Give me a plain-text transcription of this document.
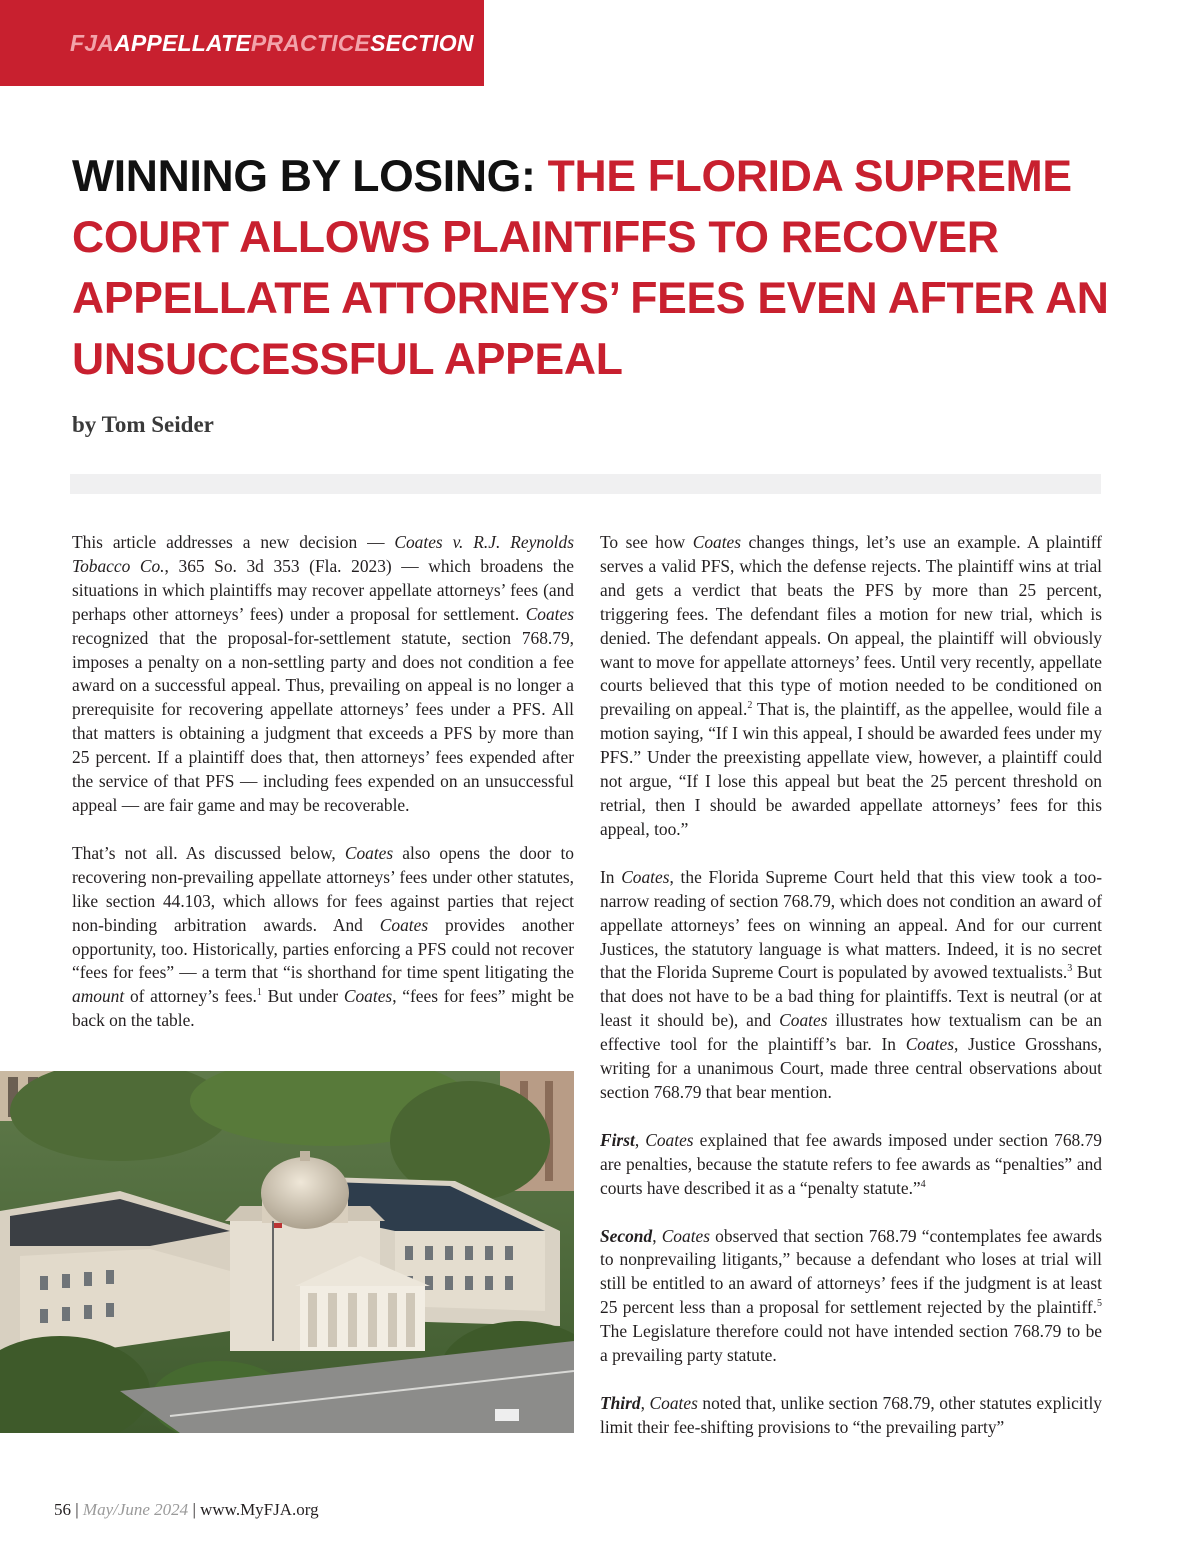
FJAAPPELLATEPRACTICESECTION
WINNING BY LOSING: THE FLORIDA SUPREME COURT ALLOWS PLAINTIFFS TO RECOVER APPELLATE ATTORNEYS’ FEES EVEN AFTER AN UNSUCCESSFUL APPEAL
by Tom Seider

This article addresses a new decision — Coates v. R.J. Reynolds Tobacco Co., 365 So. 3d 353 (Fla. 2023) — which broadens the situations in which plaintiffs may recover appellate attorneys’ fees (and perhaps other attorneys’ fees) under a proposal for settlement. Coates recognized that the proposal-for-settlement statute, section 768.79, imposes a penalty on a non-settling party and does not condition a fee award on a successful appeal. Thus, prevailing on appeal is no longer a prerequisite for recovering appellate attorneys’ fees under a PFS. All that matters is obtaining a judgment that exceeds a PFS by more than 25 percent. If a plaintiff does that, then attorneys’ fees expended after the service of that PFS — including fees expended on an unsuccessful appeal — are fair game and may be recoverable.

That’s not all. As discussed below, Coates also opens the door to recovering non-prevailing appellate attorneys’ fees under other statutes, like section 44.103, which allows for fees against parties that reject non-binding arbitration awards. And Coates provides another opportunity, too. Historically, parties enforcing a PFS could not recover “fees for fees” — a term that “is shorthand for time spent litigating the amount of attorney’s fees.$^1$ But under Coates, “fees for fees” might be back on the table.

To see how Coates changes things, let’s use an example. A plaintiff serves a valid PFS, which the defense rejects. The plaintiff wins at trial and gets a verdict that beats the PFS by more than 25 percent, triggering fees. The defendant files a motion for new trial, which is denied. The defendant appeals. On appeal, the plaintiff will obviously want to move for appellate attorneys’ fees. Until very recently, appellate courts believed that this type of motion needed to be conditioned on prevailing on appeal.$^2$ That is, the plaintiff, as the appellee, would file a motion saying, “If I win this appeal, I should be awarded fees under my PFS.” Under the preexisting appellate view, however, a plaintiff could not argue, “If I lose this appeal but beat the 25 percent threshold on retrial, then I should be awarded appellate attorneys’ fees for this appeal, too.”

In Coates, the Florida Supreme Court held that this view took a too-narrow reading of section 768.79, which does not condition an award of appellate attorneys’ fees on winning an appeal. And for our current Justices, the statutory language is what matters. Indeed, it is no secret that the Florida Supreme Court is populated by avowed textualists.$^3$ But that does not have to be a bad thing for plaintiffs. Text is neutral (or at least it should be), and Coates illustrates how textualism can be an effective tool for the plaintiff’s bar. In Coates, Justice Grosshans, writing for a unanimous Court, made three central observations about section 768.79 that bear mention.

First, Coates explained that fee awards imposed under section 768.79 are penalties, because the statute refers to fee awards as “penalties” and courts have described it as a “penalty statute.”$^4$

Second, Coates observed that section 768.79 “contemplates fee awards to nonprevailing litigants,” because a defendant who loses at trial will still be entitled to an award of attorneys’ fees if the judgment is at least 25 percent less than a proposal for settlement rejected by the plaintiff.$^5$ The Legislature therefore could not have intended section 768.79 to be a prevailing party statute.

Third, Coates noted that, unlike section 768.79, other statutes explicitly limit their fee-shifting provisions to “the prevailing party”

56 | May/June 2024 | www.MyFJA.org
